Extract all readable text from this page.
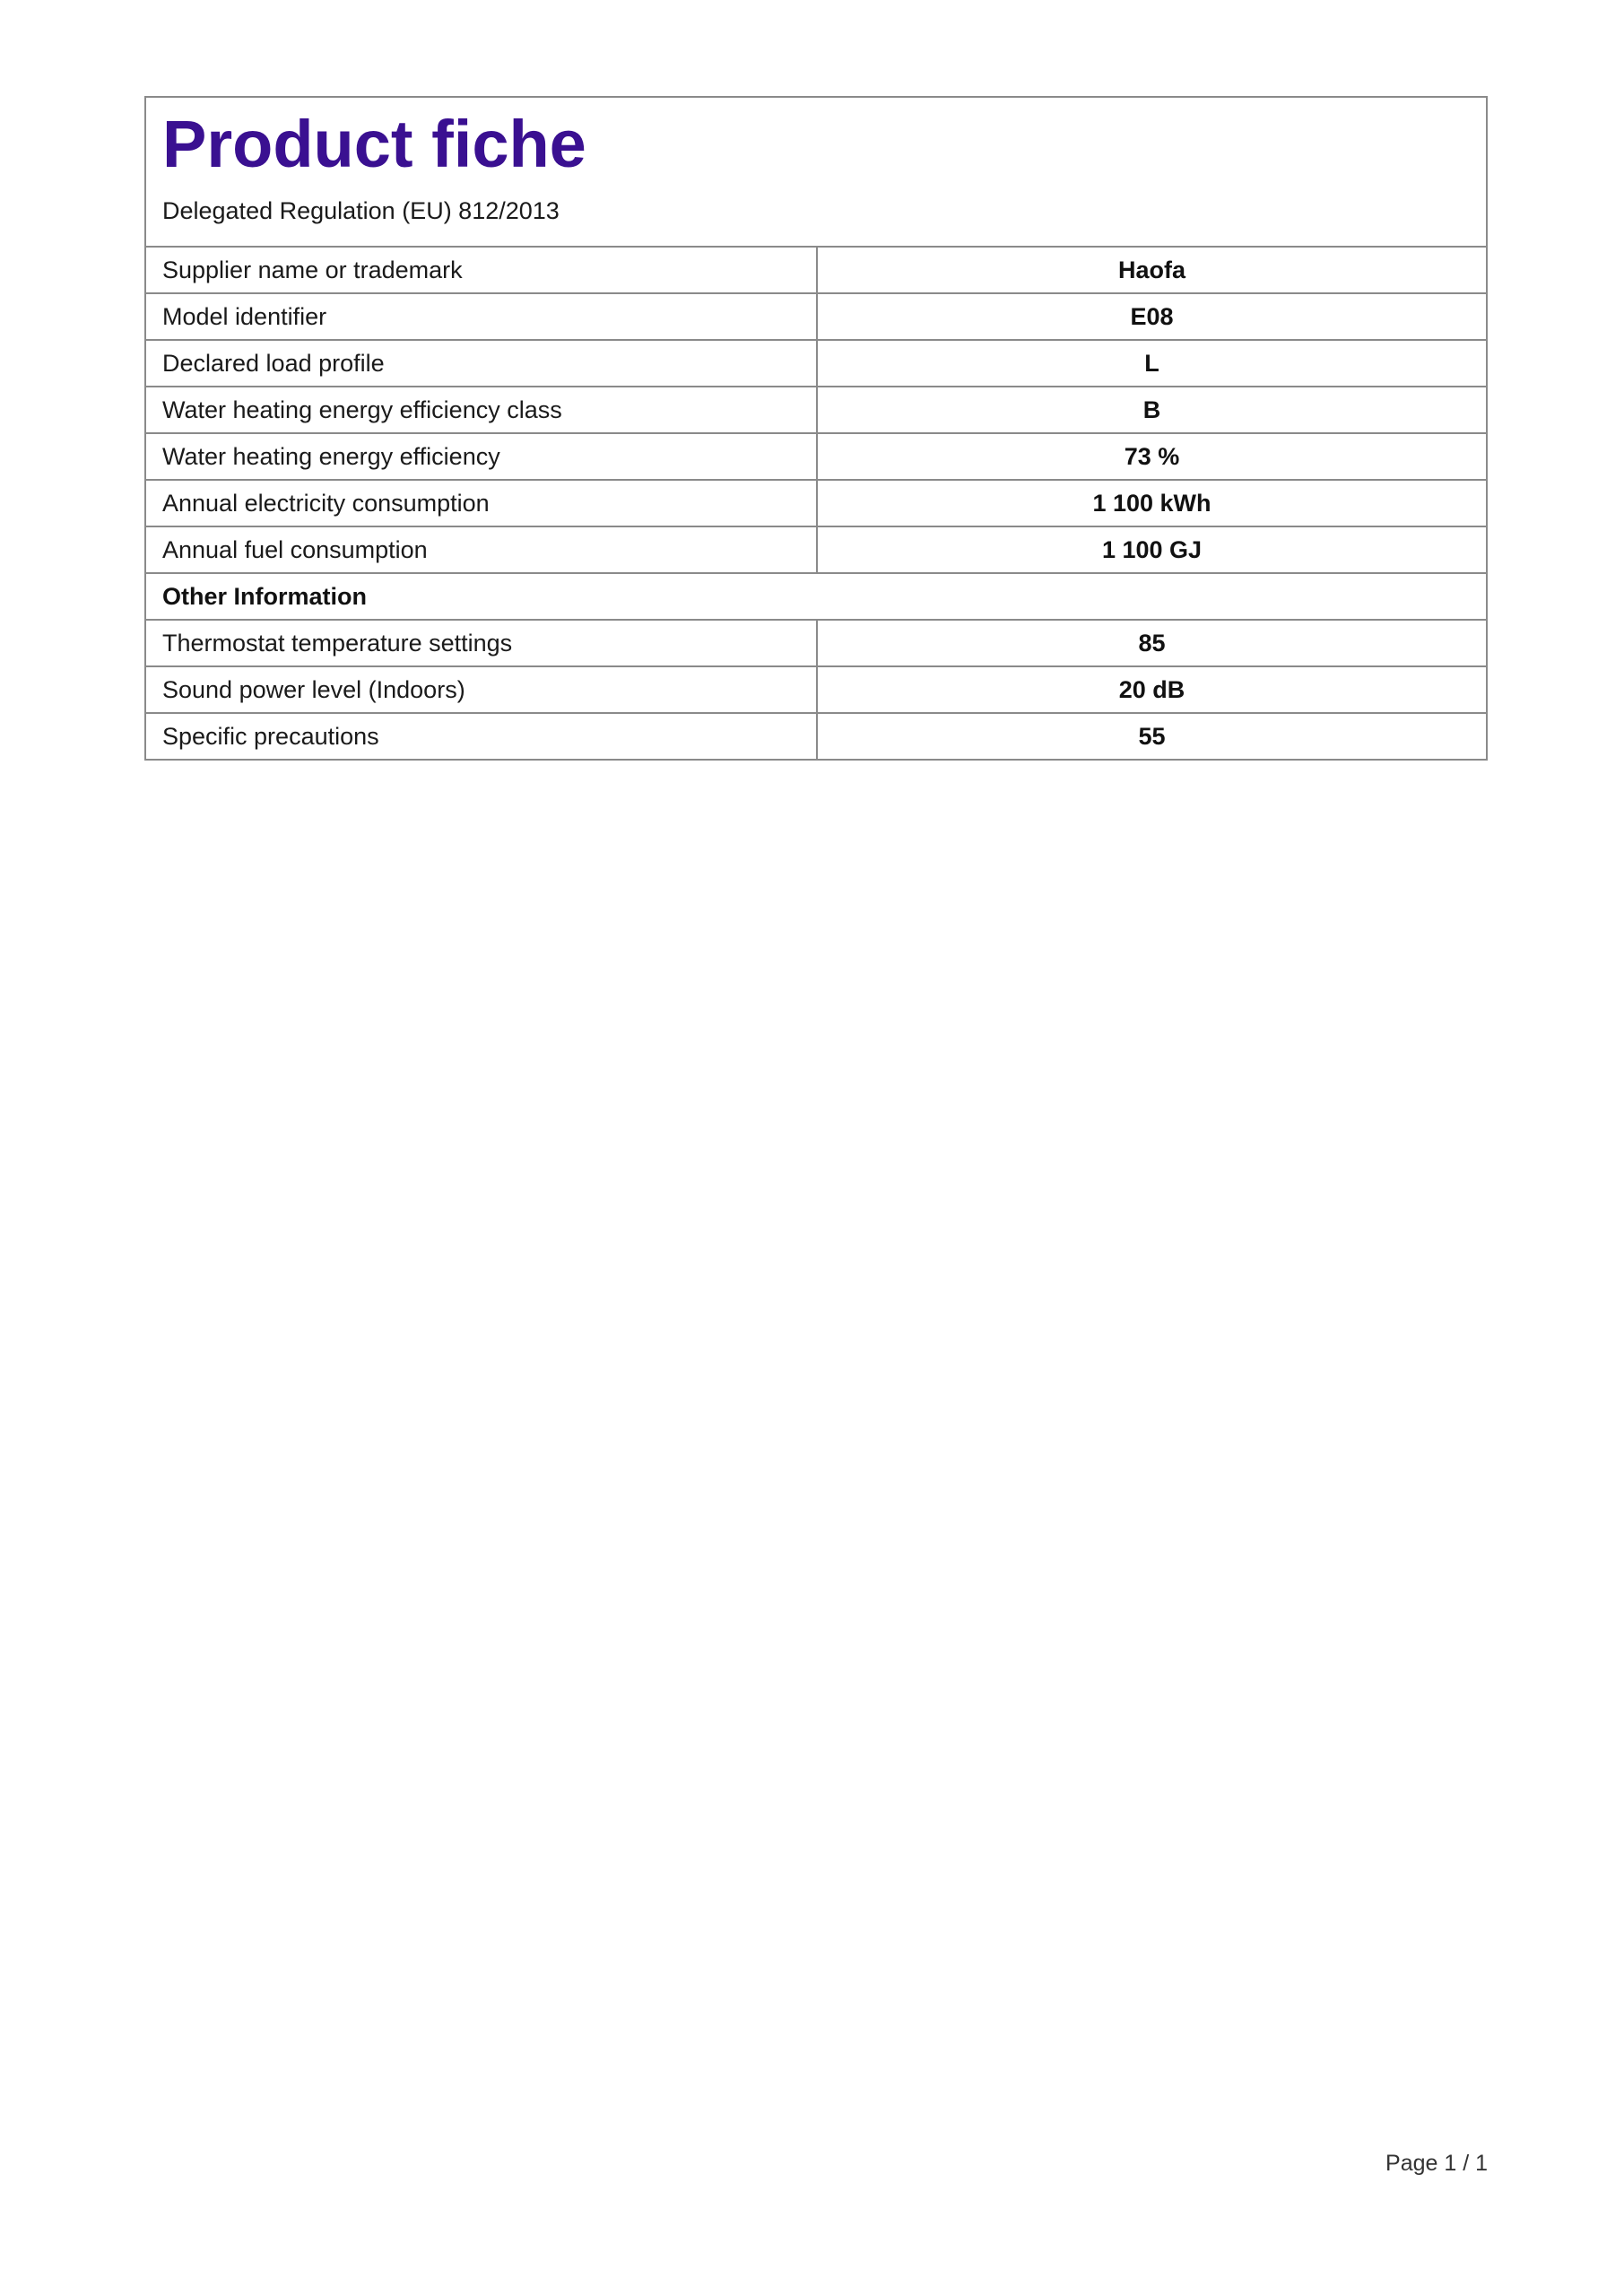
Product fiche
Delegated Regulation (EU) 812/2013
Supplier name or trademark	Haofa
Model identifier	E08
Declared load profile	L
Water heating energy efficiency class	B
Water heating energy efficiency	73 %
Annual electricity consumption	1 100 kWh
Annual fuel consumption	1 100 GJ
Other Information	
Thermostat temperature settings	85
Sound power level (Indoors)	20 dB
Specific precautions	55
Page 1 / 1
